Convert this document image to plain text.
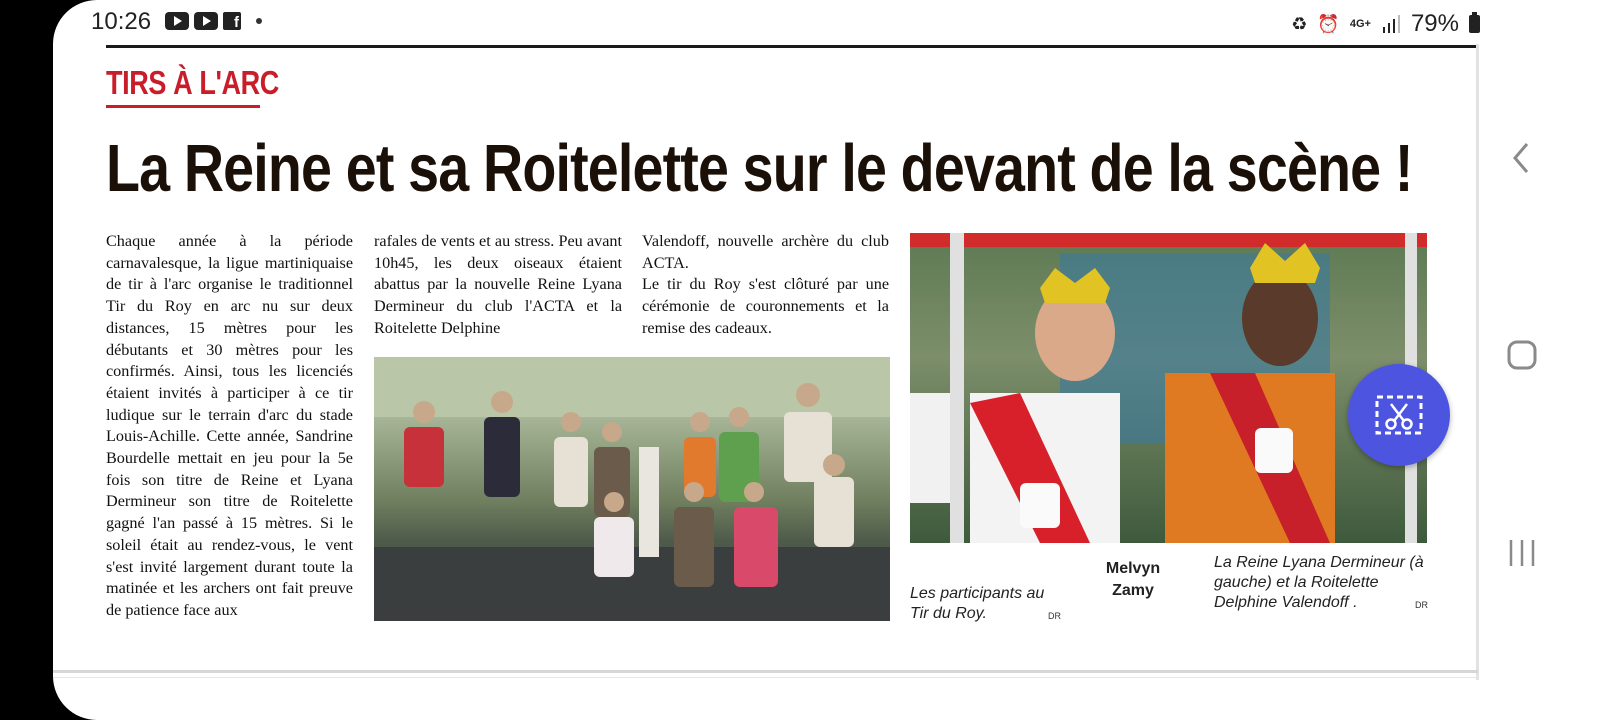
10:26	f	♻ ⏰ 4G+ 79%
TIRS À L'ARC
La Reine et sa Roitelette sur le devant de la scène !

Chaque année à la période carnavalesque, la ligue martiniquaise de tir à l'arc organise le traditionnel Tir du Roy en arc nu sur deux distances, 15 mètres pour les débutants et 30 mètres pour les confirmés. Ainsi, tous les licenciés étaient invités à participer à ce tir ludique sur le terrain d'arc du stade Louis-Achille. Cette année, Sandrine Bourdelle mettait en jeu pour la 5e fois son titre de Reine et Lyana Dermineur son titre de Roitelette gagné l'an passé à 15 mètres. Si le soleil était au rendez-vous, le vent s'est invité largement durant toute la matinée et les archers ont fait preuve de patience face aux

rafales de vents et au stress. Peu avant 10h45, les deux oiseaux étaient abattus par la nouvelle Reine Lyana Dermineur du club l'ACTA et la Roitelette Delphine

Valendoff, nouvelle archère du club ACTA.

Le tir du Roy s'est clôturé par une cérémonie de couronnements et la remise des cadeaux.

Les participants au Tir du Roy.	DR
Melvyn Zamy
La Reine Lyana Dermineur (à gauche) et la Roitelette Delphine Valendoff .	DR
